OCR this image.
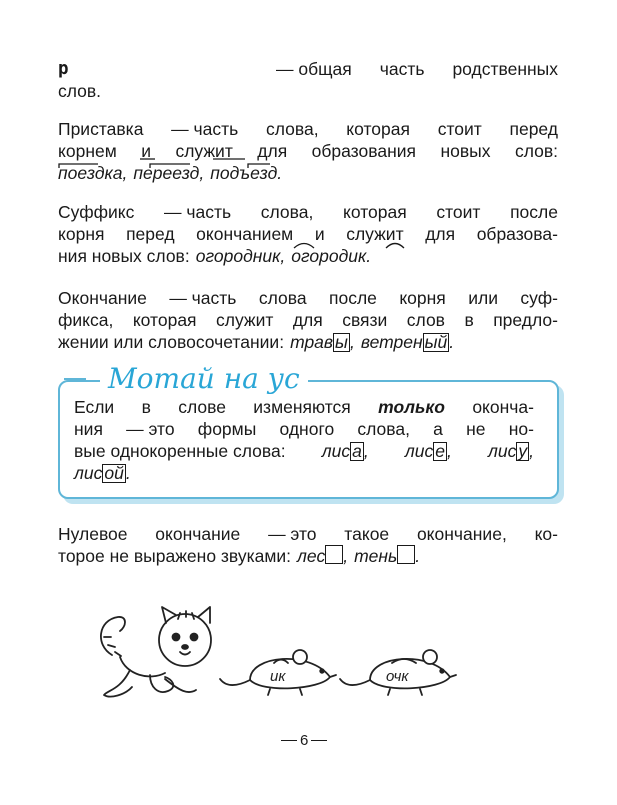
р	— общая часть родственных
слов.
Приставка — часть слова, которая стоит перед
корнем и служит для образования новых слов:
поездка, переезд, подъезд.
Суффикс — часть слова, которая стоит после
корня перед окончанием и служит для образова-
ния новых слов: огородник, огородик.
Окончание — часть слова после корня или суф-
фикса, которая служит для связи слов в предло-
жении или словосочетании: трав ы , ветрен ый .
Мотай на ус
Если в слове изменяются только оконча-
ния — это формы одного слова, а не но-
вые однокоренные слова: лис а , лис е , лис у ,
лис ой .
Нулевое окончание — это такое окончание, ко-
торое не выражено звуками: лес , тень .
ик	очк
6
